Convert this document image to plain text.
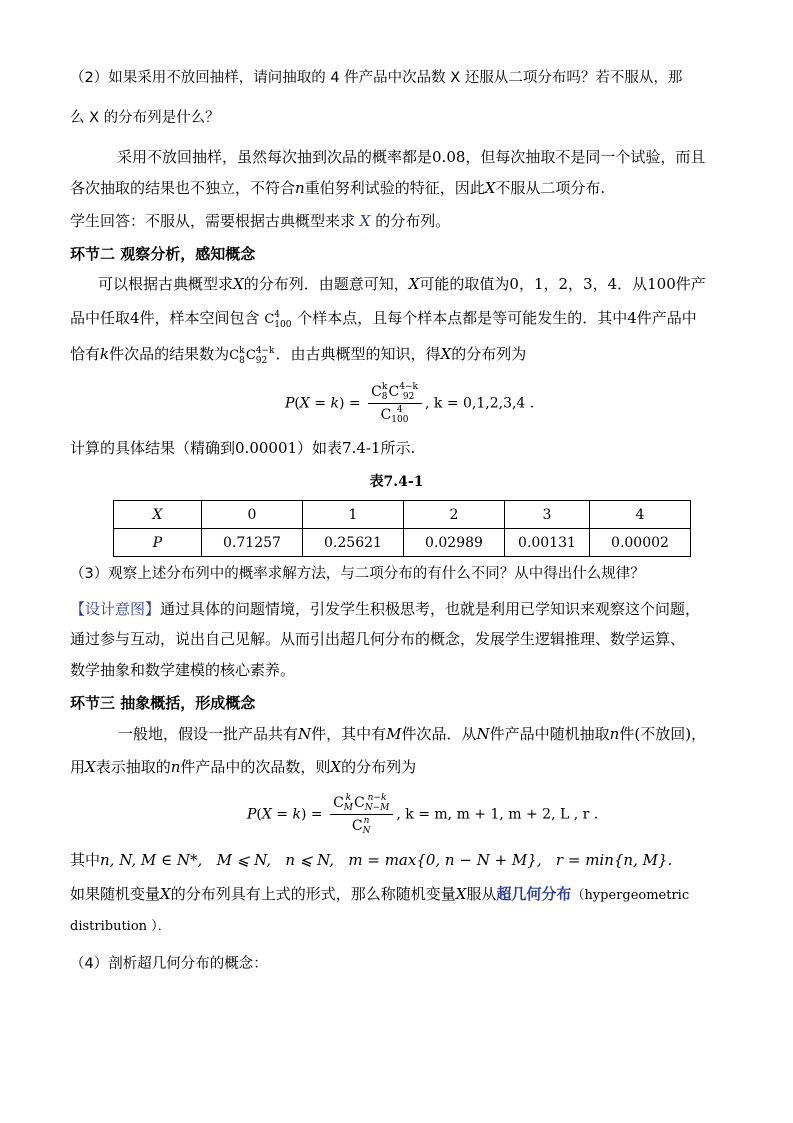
（2）如果采用不放回抽样，请问抽取的 4 件产品中次品数 X 还服从二项分布吗？若不服从，那
么 X 的分布列是什么？
采用不放回抽样，虽然每次抽到次品的概率都是0.08，但每次抽取不是同一个试验，而且
各次抽取的结果也不独立，不符合n重伯努利试验的特征，因此X不服从二项分布.
学生回答：不服从，需要根据古典概型来求 X 的分布列。
环节二 观察分析，感知概念
可以根据古典概型求X的分布列．由题意可知，X可能的取值为0，1，2，3，4．从100件产
品中任取4件，样本空间包含 C 4
100 个样本点，且每个样本点都是等可能发生的．其中4件产品中
恰有k件次品的结果数为C k
8 C 4−k
92 ．由古典概型的知识，得X的分布列为
P(X = k) = C k
8 C 4−k
92
C 4
100 , k = 0,1,2,3,4 .
计算的具体结果（精确到0.00001）如表7.4-1所示.
表7.4-1
X	0	1	2	3	4
P	0.71257	0.25621	0.02989	0.00131	0.00002
（3）观察上述分布列中的概率求解方法，与二项分布的有什么不同？从中得出什么规律？
【设计意图】通过具体的问题情境，引发学生积极思考，也就是利用已学知识来观察这个问题，
通过参与互动，说出自己见解。从而引出超几何分布的概念，发展学生逻辑推理、数学运算、
数学抽象和数学建模的核心素养。
环节三 抽象概括，形成概念
一般地，假设一批产品共有N件，其中有M件次品．从N件产品中随机抽取n件(不放回)，
用X表示抽取的n件产品中的次品数，则X的分布列为
P(X = k) = C k
M C n−k
N−M
C n
N , k = m, m + 1, m + 2, L , r .
其中n, N, M ∈ N*, M ⩽ N, n ⩽ N, m = max{0, n − N + M}, r = min{n, M}.
如果随机变量X的分布列具有上式的形式，那么称随机变量X服从超几何分布（hypergeometric
distribution ）．
（4）剖析超几何分布的概念：
